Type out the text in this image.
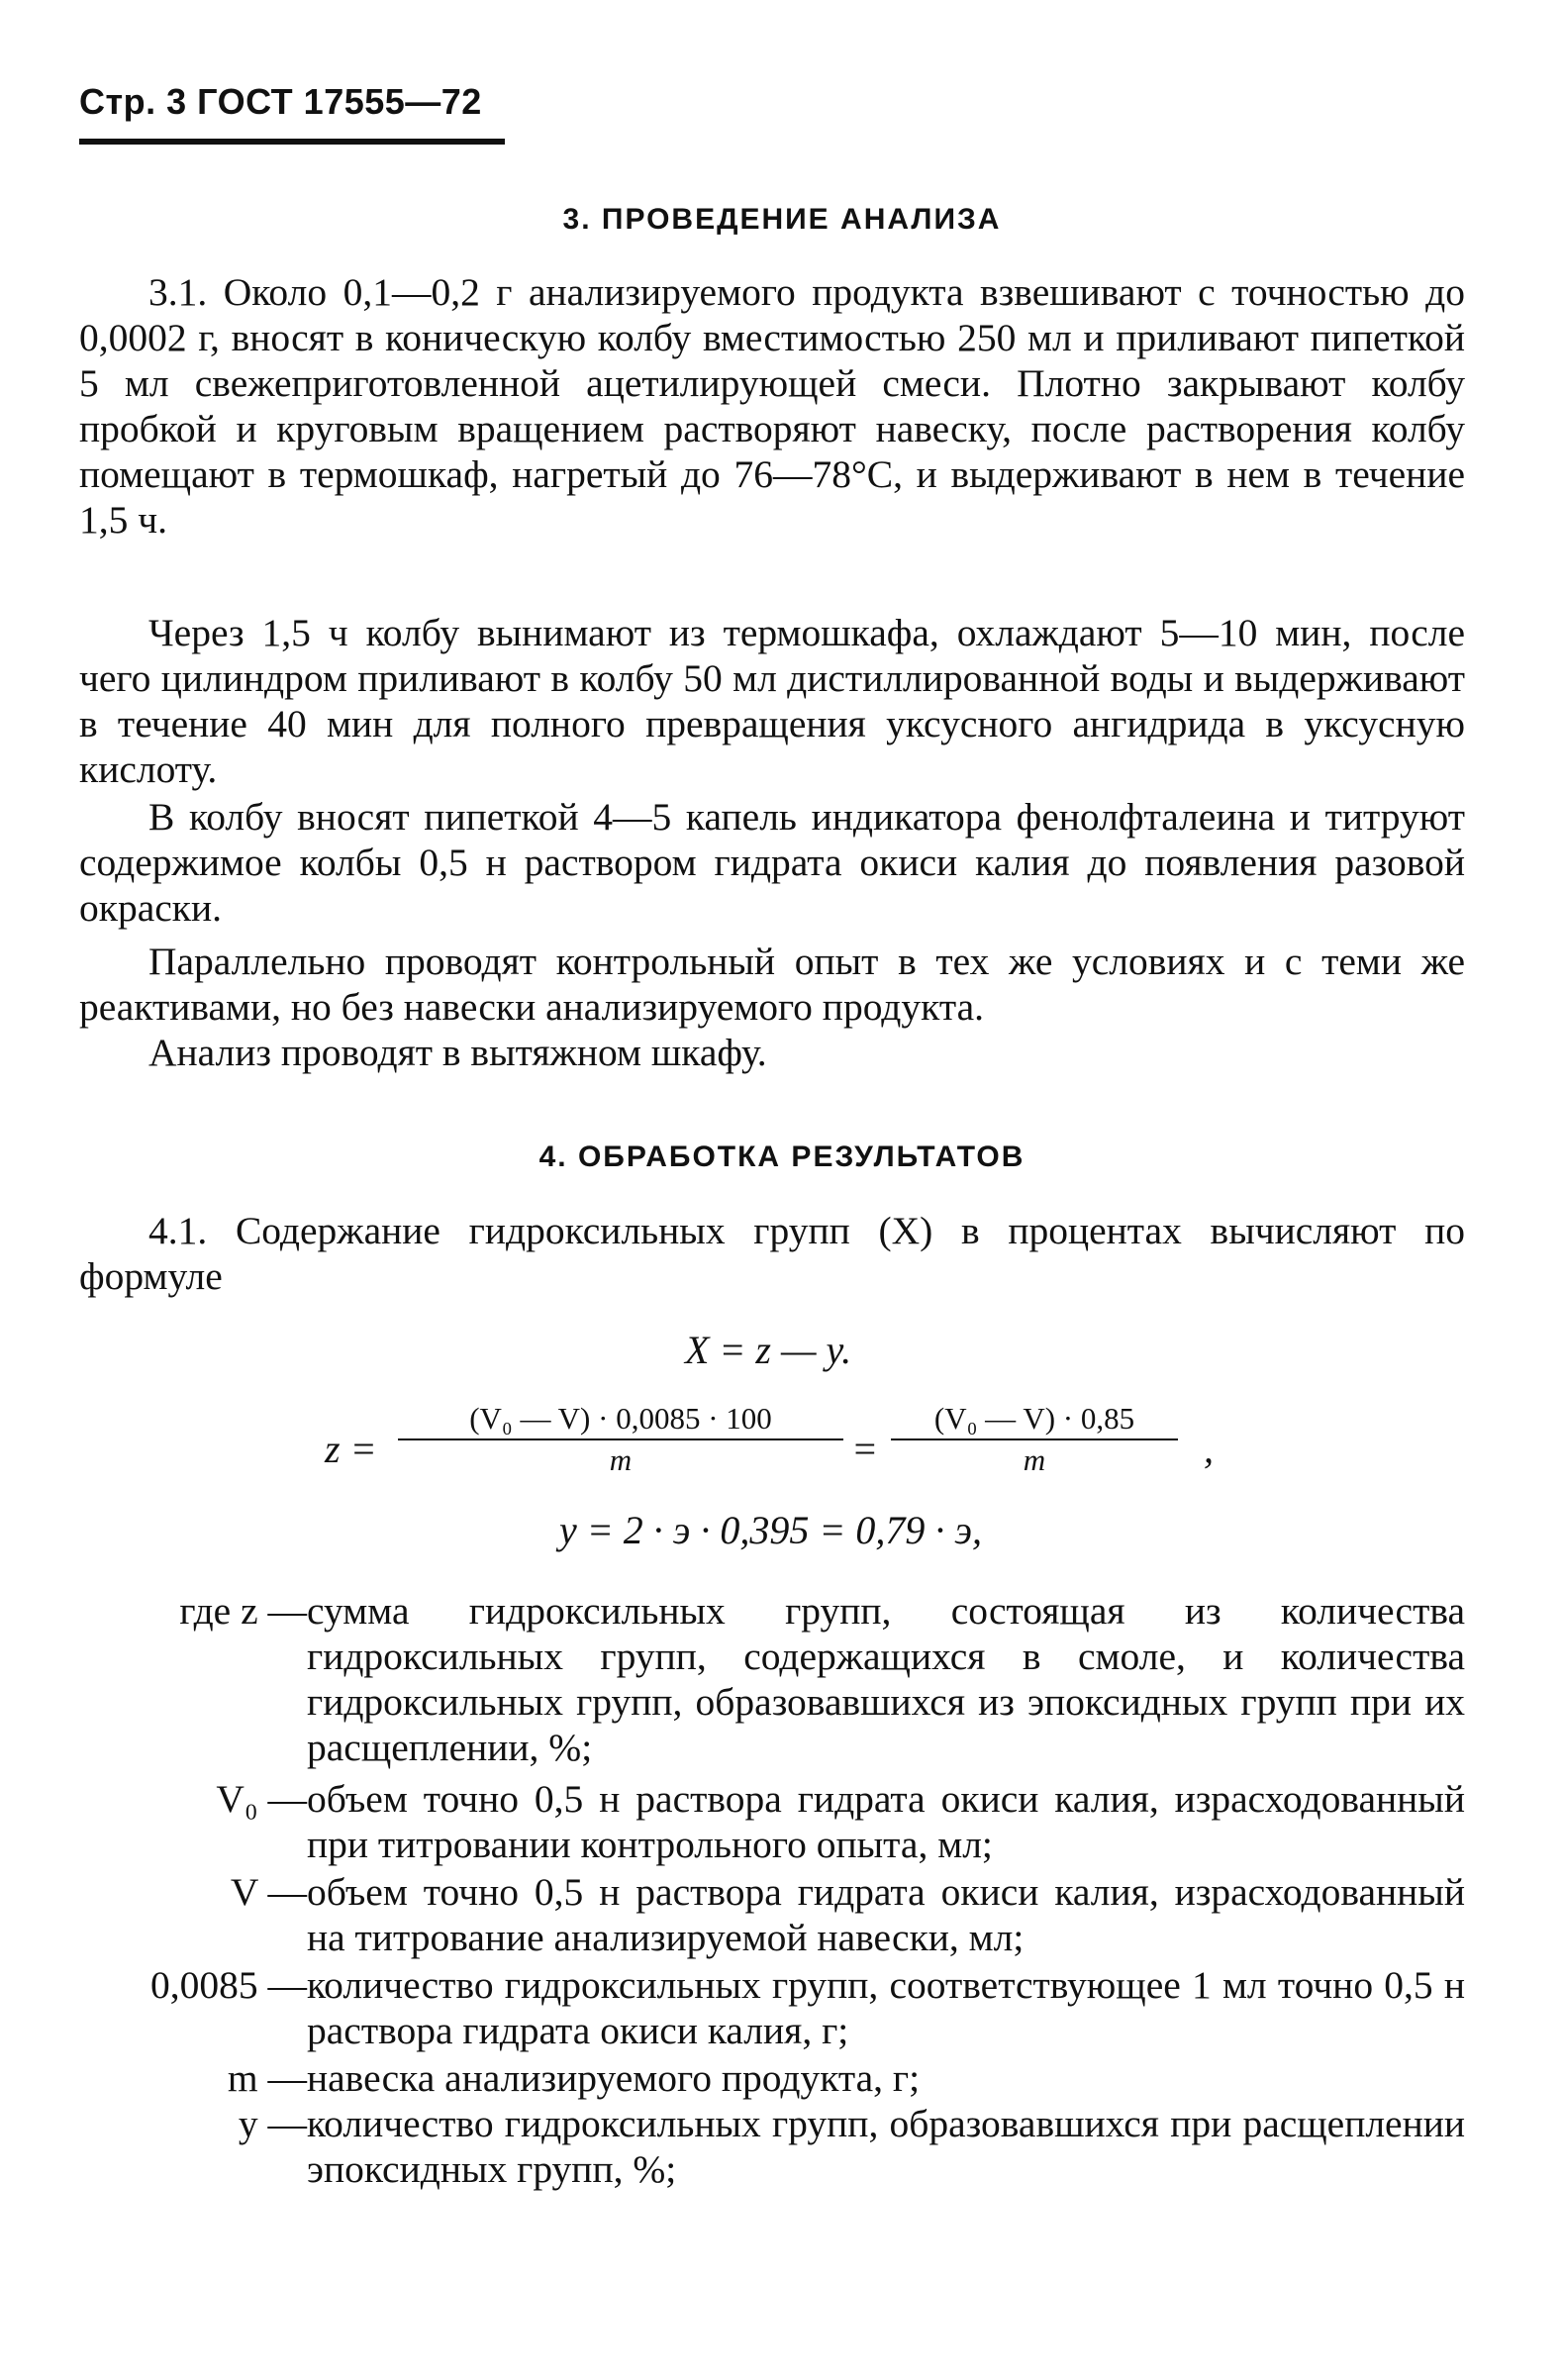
Стр. 3 ГОСТ 17555—72
3. ПРОВЕДЕНИЕ АНАЛИЗА

3.1. Около 0,1—0,2 г анализируемого продукта взвешивают с точностью до 0,0002 г, вносят в коническую колбу вместимостью 250 мл и приливают пипеткой 5 мл свежеприготовленной ацетилирующей смеси. Плотно закрывают колбу пробкой и круговым вращением растворяют навеску, после растворения колбу помещают в термошкаф, нагретый до 76—78°С, и выдерживают в нем в течение 1,5 ч.

Через 1,5 ч колбу вынимают из термошкафа, охлаждают 5—10 мин, после чего цилиндром приливают в колбу 50 мл дистиллированной воды и выдерживают в течение 40 мин для полного превращения уксусного ангидрида в уксусную кислоту.

В колбу вносят пипеткой 4—5 капель индикатора фенолфталеина и титруют содержимое колбы 0,5 н раствором гидрата окиси калия до появления разовой окраски.

Параллельно проводят контрольный опыт в тех же условиях и с теми же реактивами, но без навески анализируемого продукта.

Анализ проводят в вытяжном шкафу.

4. ОБРАБОТКА РЕЗУЛЬТАТОВ

4.1. Содержание гидроксильных групп (X) в процентах вычисляют по формуле

X = z — y.
z =
(V₀ — V) · 0,0085 · 100
m	=
(V₀ — V) · 0,85
m	,
y = 2 · э · 0,395 = 0,79 · э,
где z — сумма гидроксильных групп, состоящая из количества гидроксильных групп, содержащихся в смоле, и количества гидроксильных групп, образовавшихся из эпоксидных групп при их расщеплении, %;
V₀ — объем точно 0,5 н раствора гидрата окиси калия, израсходованный при титровании контрольного опыта, мл;
V — объем точно 0,5 н раствора гидрата окиси калия, израсходованный на титрование анализируемой навески, мл;
0,0085 — количество гидроксильных групп, соответствующее 1 мл точно 0,5 н раствора гидрата окиси калия, г;
m — навеска анализируемого продукта, г;
y — количество гидроксильных групп, образовавшихся при расщеплении эпоксидных групп, %;
